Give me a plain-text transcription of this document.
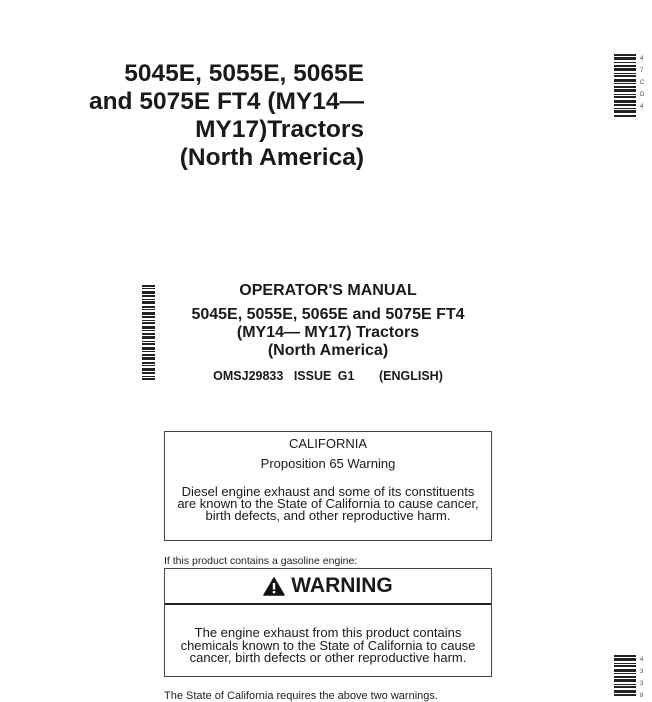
5045E, 5055E, 5065E
and 5075E FT4 (MY14—
MY17)Tractors
(North America)
4
7
C
D
4
OPERATOR'S MANUAL
5045E, 5055E, 5065E and 5075E FT4
(MY14— MY17) Tractors
(North America)
OMSJ29833 ISSUE G1 (ENGLISH)
CALIFORNIA
Proposition 65 Warning
Diesel engine exhaust and some of its constituents
are known to the State of California to cause cancer,
birth defects, and other reproductive harm.
If this product contains a gasoline engine:
WARNING
The engine exhaust from this product contains
chemicals known to the State of California to cause
cancer, birth defects or other reproductive harm.
The State of California requires the above two warnings.
4
3
3
8
